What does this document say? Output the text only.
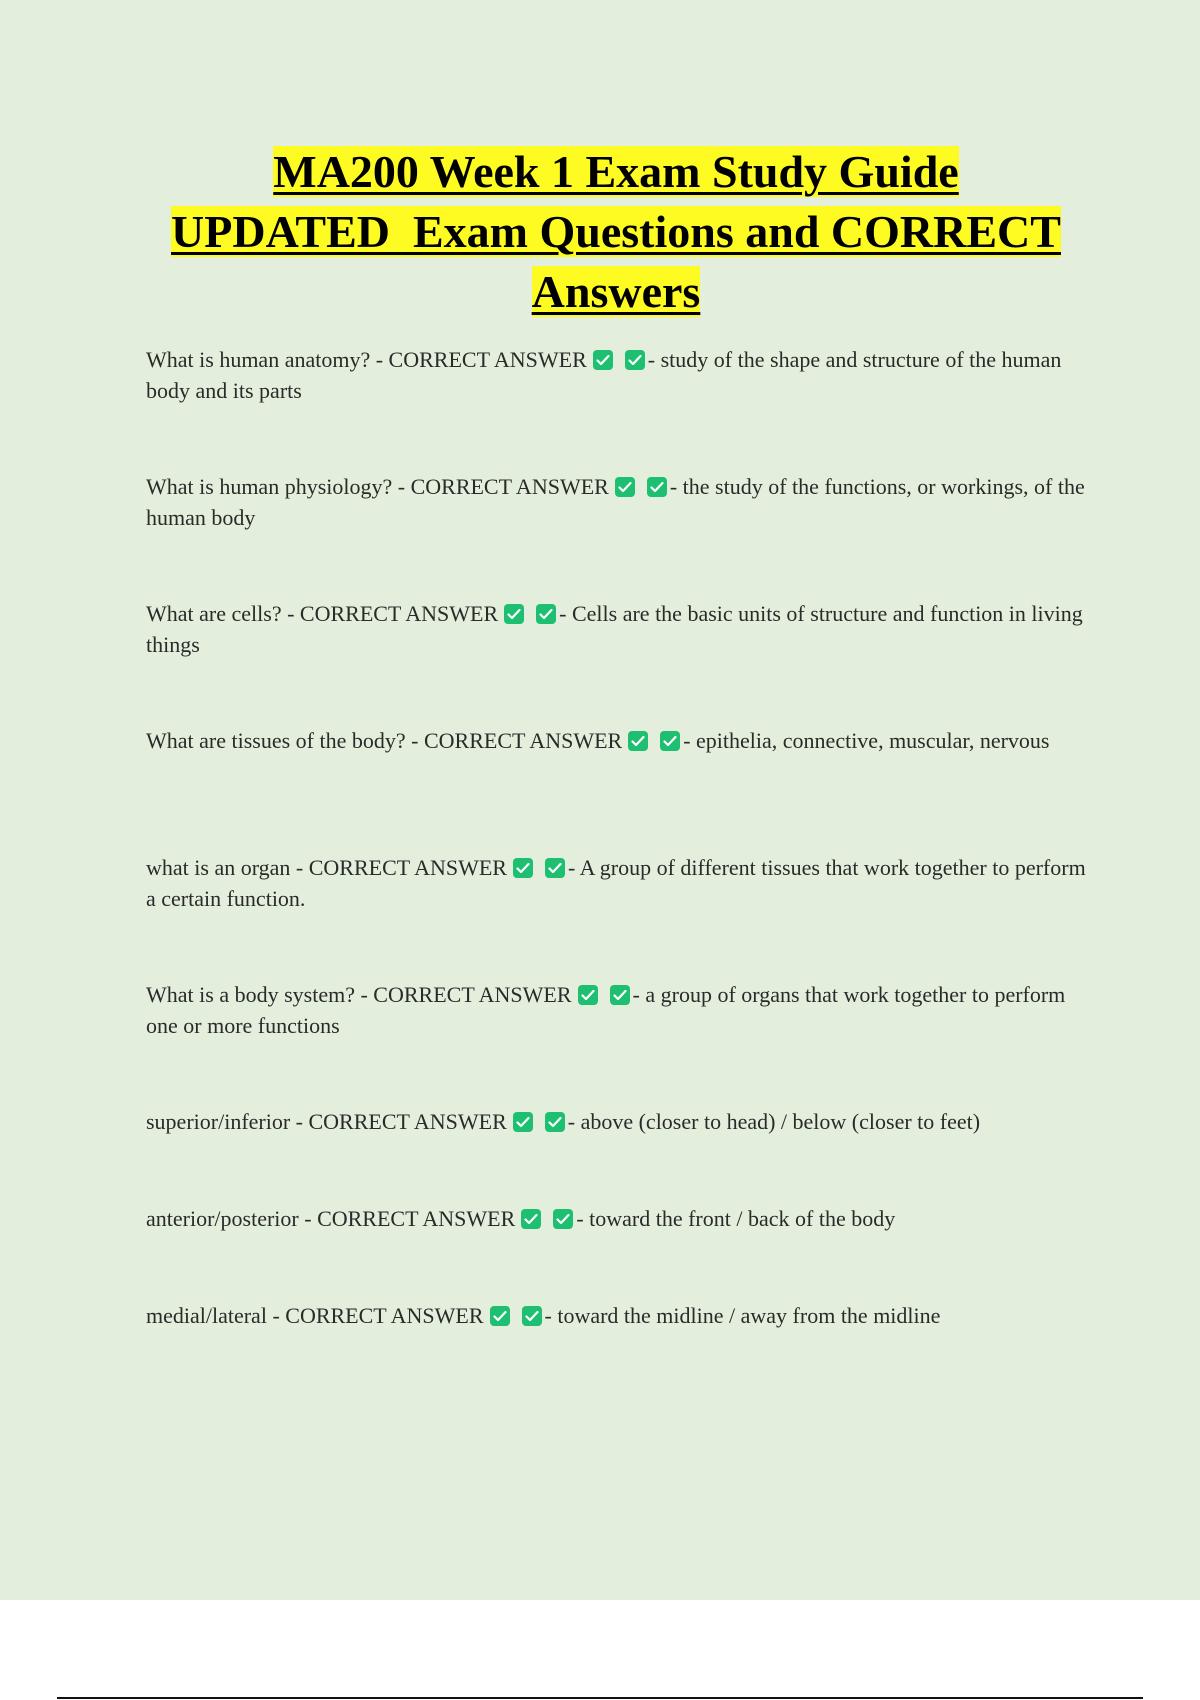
MA200 Week 1 Exam Study Guide
UPDATED  Exam Questions and CORRECT
Answers

What is human anatomy? - CORRECT ANSWER	- study of the shape and structure of the human body and its parts

What is human physiology? - CORRECT ANSWER	- the study of the functions, or workings, of the human body

What are cells? - CORRECT ANSWER	- Cells are the basic units of structure and function in living things

What are tissues of the body? - CORRECT ANSWER	- epithelia, connective, muscular, nervous

what is an organ - CORRECT ANSWER	- A group of different tissues that work together to perform a certain function.

What is a body system? - CORRECT ANSWER	- a group of organs that work together to perform one or more functions

superior/inferior - CORRECT ANSWER	- above (closer to head) / below (closer to feet)

anterior/posterior - CORRECT ANSWER	- toward the front / back of the body

medial/lateral - CORRECT ANSWER	- toward the midline / away from the midline
